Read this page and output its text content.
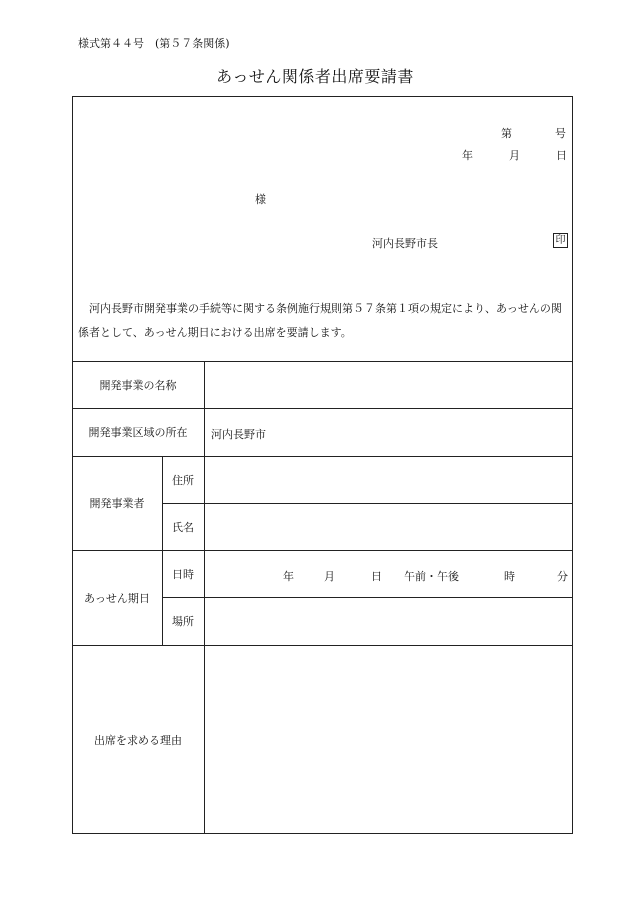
様式第４４号　(第５７条関係)
あっせん関係者出席要請書
第	号
年	月	日
様
河内長野市長	印
　河内長野市開発事業の手続等に関する条例施行規則第５７条第１項の規定により、あっせんの関係者として、あっせん期日における出席を要請します。
開発事業の名称
開発事業区域の所在	河内長野市
開発事業者
住所
氏名
あっせん期日
日時	年	月	日 午前・午後	時	分
場所
出席を求める理由
